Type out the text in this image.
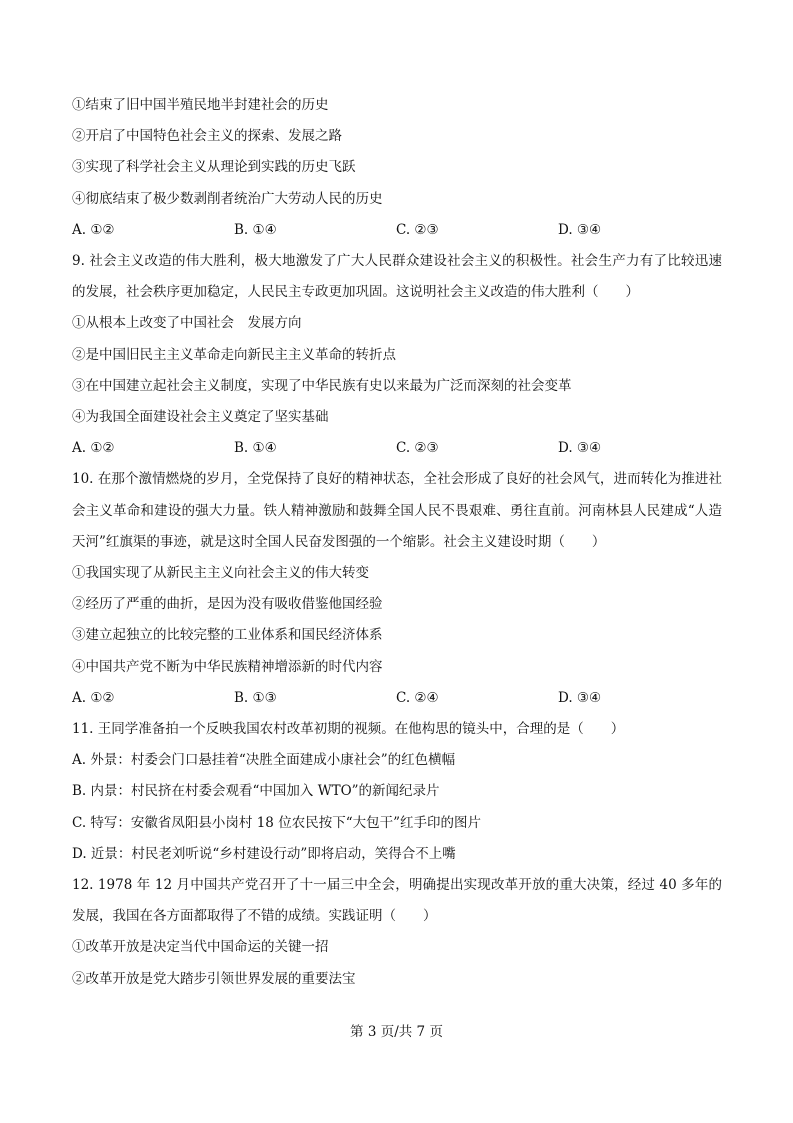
①结束了旧中国半殖民地半封建社会的历史
②开启了中国特色社会主义的探索、发展之路
③实现了科学社会主义从理论到实践的历史飞跃
④彻底结束了极少数剥削者统治广大劳动人民的历史
A. ①②	B. ①④	C. ②③	D. ③④
9. 社会主义改造的伟大胜利，极大地激发了广大人民群众建设社会主义的积极性。社会生产力有了比较迅速的发展，社会秩序更加稳定，人民民主专政更加巩固。这说明社会主义改造的伟大胜利（　　）
①从根本上改变了中国社会　发展方向
②是中国旧民主主义革命走向新民主主义革命的转折点
③在中国建立起社会主义制度，实现了中华民族有史以来最为广泛而深刻的社会变革
④为我国全面建设社会主义奠定了坚实基础
A. ①②	B. ①④	C. ②③	D. ③④
10. 在那个激情燃烧的岁月，全党保持了良好的精神状态，全社会形成了良好的社会风气，进而转化为推进社会主义革命和建设的强大力量。铁人精神激励和鼓舞全国人民不畏艰难、勇往直前。河南林县人民建成“人造天河”红旗渠的事迹，就是这时全国人民奋发图强的一个缩影。社会主义建设时期（　　）
①我国实现了从新民主主义向社会主义的伟大转变
②经历了严重的曲折，是因为没有吸收借鉴他国经验
③建立起独立的比较完整的工业体系和国民经济体系
④中国共产党不断为中华民族精神增添新的时代内容
A. ①②	B. ①③	C. ②④	D. ③④
11. 王同学准备拍一个反映我国农村改革初期的视频。在他构思的镜头中，合理的是（　　）
A. 外景：村委会门口悬挂着“决胜全面建成小康社会”的红色横幅
B. 内景：村民挤在村委会观看“中国加入 WTO”的新闻纪录片
C. 特写：安徽省凤阳县小岗村 18 位农民按下“大包干”红手印的图片
D. 近景：村民老刘听说“乡村建设行动”即将启动，笑得合不上嘴
12. 1978 年 12 月中国共产党召开了十一届三中全会，明确提出实现改革开放的重大决策，经过 40 多年的发展，我国在各方面都取得了不错的成绩。实践证明（　　）
①改革开放是决定当代中国命运的关键一招
②改革开放是党大踏步引领世界发展的重要法宝
第 3 页/共 7 页
